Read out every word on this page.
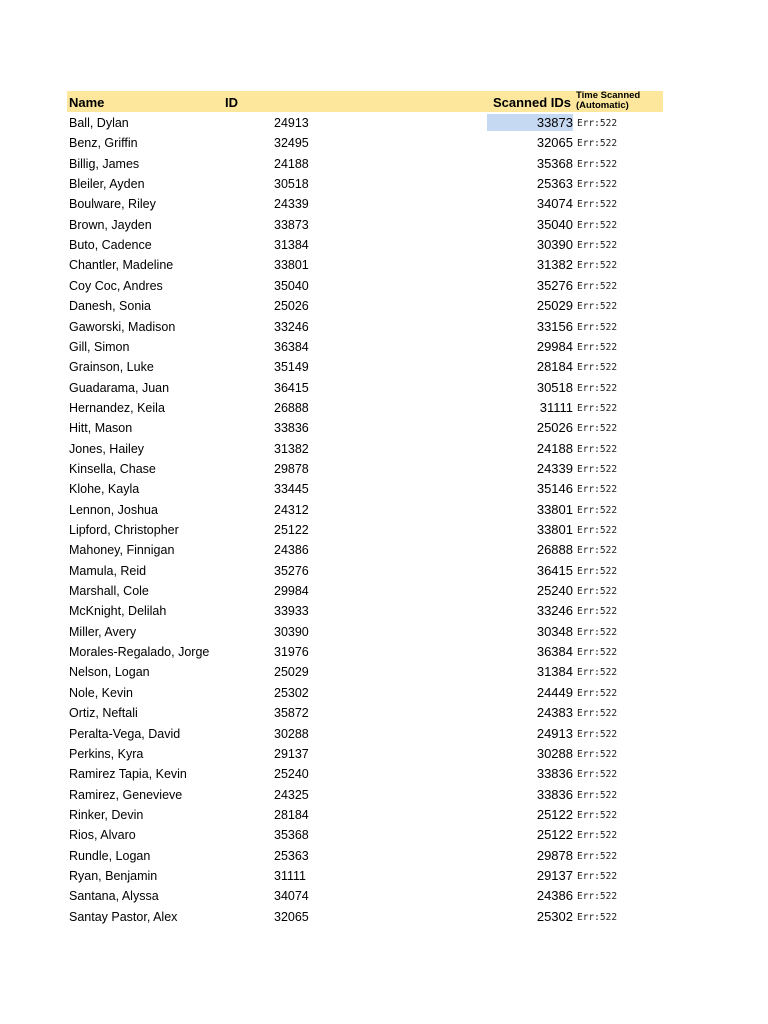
Name	ID	Scanned IDs Time Scanned
(Automatic)
Ball, Dylan	24913	33873 Err:522
Benz, Griffin	32495	32065 Err:522
Billig, James	24188	35368 Err:522
Bleiler, Ayden	30518	25363 Err:522
Boulware, Riley	24339	34074 Err:522
Brown, Jayden	33873	35040 Err:522
Buto, Cadence	31384	30390 Err:522
Chantler, Madeline	33801	31382 Err:522
Coy Coc, Andres	35040	35276 Err:522
Danesh, Sonia	25026	25029 Err:522
Gaworski, Madison	33246	33156 Err:522
Gill, Simon	36384	29984 Err:522
Grainson, Luke	35149	28184 Err:522
Guadarama, Juan	36415	30518 Err:522
Hernandez, Keila	26888	31111 Err:522
Hitt, Mason	33836	25026 Err:522
Jones, Hailey	31382	24188 Err:522
Kinsella, Chase	29878	24339 Err:522
Klohe, Kayla	33445	35146 Err:522
Lennon, Joshua	24312	33801 Err:522
Lipford, Christopher	25122	33801 Err:522
Mahoney, Finnigan	24386	26888 Err:522
Mamula, Reid	35276	36415 Err:522
Marshall, Cole	29984	25240 Err:522
McKnight, Delilah	33933	33246 Err:522
Miller, Avery	30390	30348 Err:522
Morales-Regalado, Jorge	31976	36384 Err:522
Nelson, Logan	25029	31384 Err:522
Nole, Kevin	25302	24449 Err:522
Ortiz, Neftali	35872	24383 Err:522
Peralta-Vega, David	30288	24913 Err:522
Perkins, Kyra	29137	30288 Err:522
Ramirez Tapia, Kevin	25240	33836 Err:522
Ramirez, Genevieve	24325	33836 Err:522
Rinker, Devin	28184	25122 Err:522
Rios, Alvaro	35368	25122 Err:522
Rundle, Logan	25363	29878 Err:522
Ryan, Benjamin	31111	29137 Err:522
Santana, Alyssa	34074	24386 Err:522
Santay Pastor, Alex	32065	25302 Err:522
